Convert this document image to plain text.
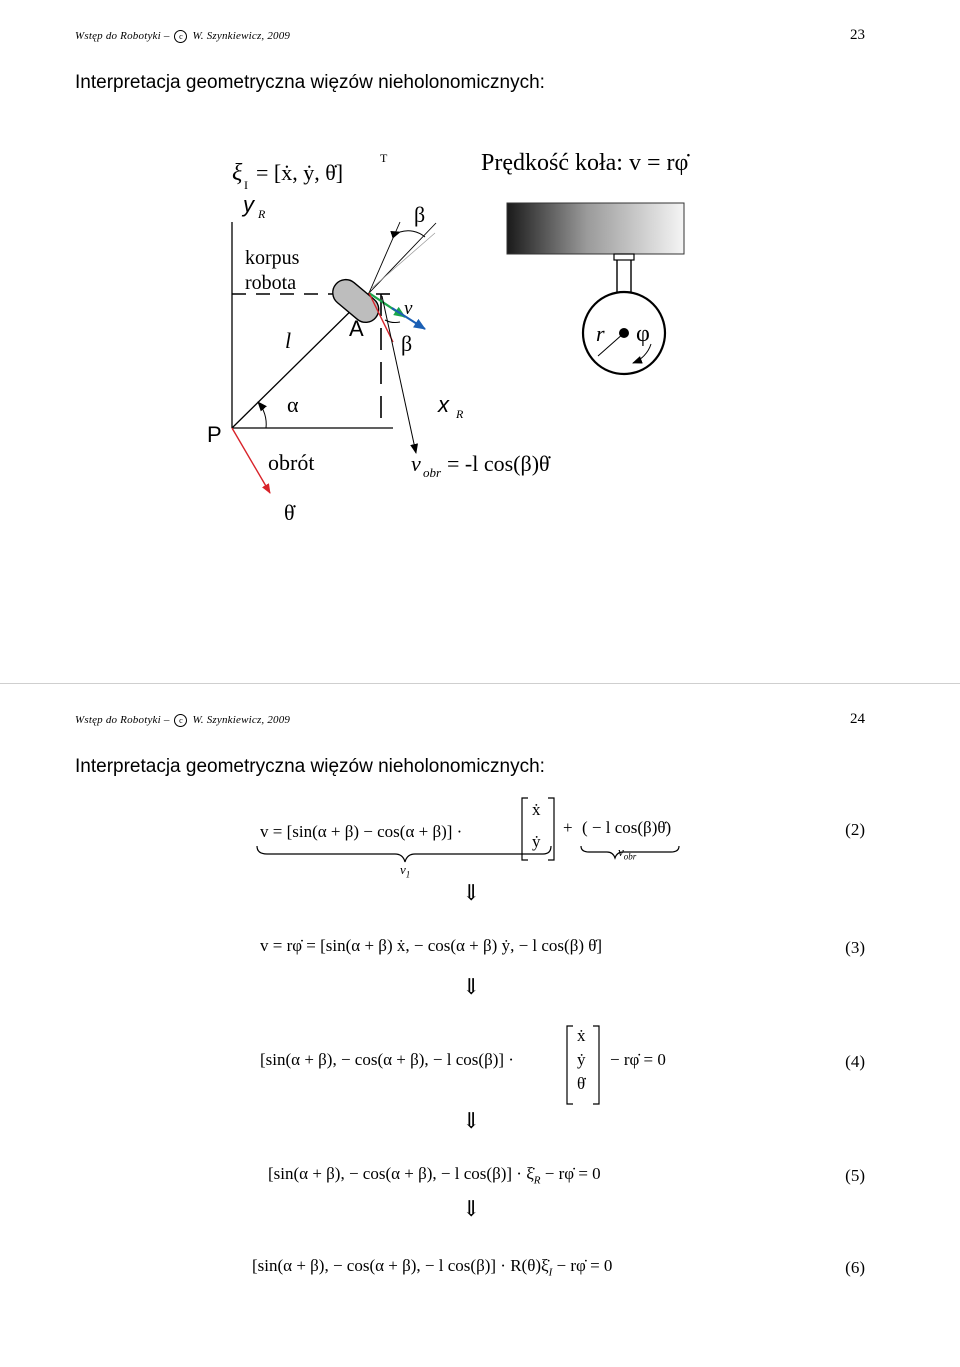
Wstęp do Robotyki – c W. Szynkiewicz, 2009	23
Interpretacja geometryczna więzów nieholonomicznych:
ξ I = [ẋ, ẏ, θ̇]
T
y R
x R
P
l
α
obrót
θ̇
korpus
robota
A
β
v
β
v obr = -l cos(β)θ̇
Prędkość koła: v = rφ̇
r φ
Wstęp do Robotyki – c W. Szynkiewicz, 2009	24
Interpretacja geometryczna więzów nieholonomicznych:
v = [sin(α + β) − cos(α + β)] ·
ẋ
ẏ
+ ( − l cos(β)θ̇)
$v_1$
$v_{obr}$
(2)
⇓
v = rφ̇ = [sin(α + β) ẋ, − cos(α + β) ẏ, − l cos(β) θ̇]	(3)
⇓
[sin(α + β), − cos(α + β), − l cos(β)] ·
ẋ
ẏ
θ̇
− rφ̇ = 0	(4)
⇓
[sin(α + β), − cos(α + β), − l $\cos(\beta)] \cdot \xi̇_R$ − rφ̇ = 0	(5)
⇓
[sin(α + β), − cos(α + β), − l $\cos(\beta)] \cdot R(\theta)\xi̇_I$ − rφ̇ = 0	(6)
